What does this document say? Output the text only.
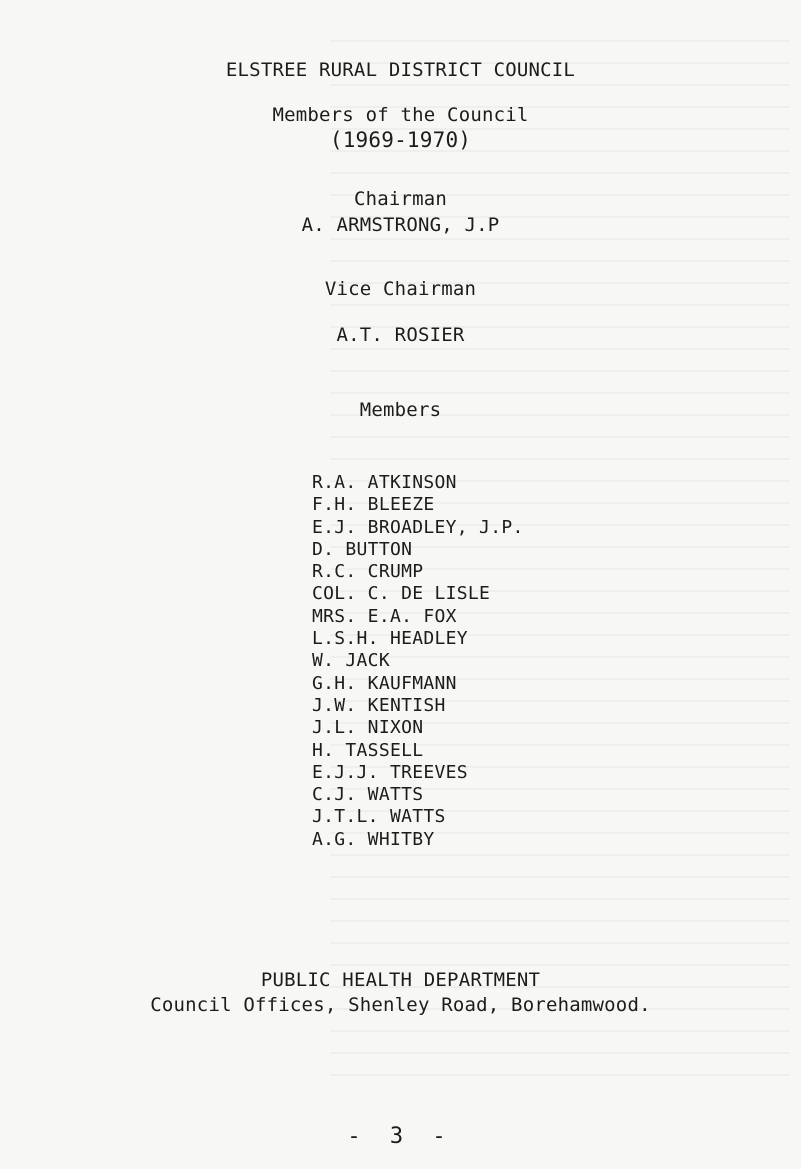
ELSTREE RURAL DISTRICT COUNCIL
Members of the Council
(1969-1970)
Chairman
A. ARMSTRONG, J.P
Vice Chairman
A.T. ROSIER
Members
R.A. ATKINSON
F.H. BLEEZE
E.J. BROADLEY, J.P.
D. BUTTON
R.C. CRUMP
COL. C. DE LISLE
MRS. E.A. FOX
L.S.H. HEADLEY
W. JACK
G.H. KAUFMANN
J.W. KENTISH
J.L. NIXON
H. TASSELL
E.J.J. TREEVES
C.J. WATTS
J.T.L. WATTS
A.G. WHITBY
PUBLIC HEALTH DEPARTMENT
Council Offices, Shenley Road, Borehamwood.
- 3 -
